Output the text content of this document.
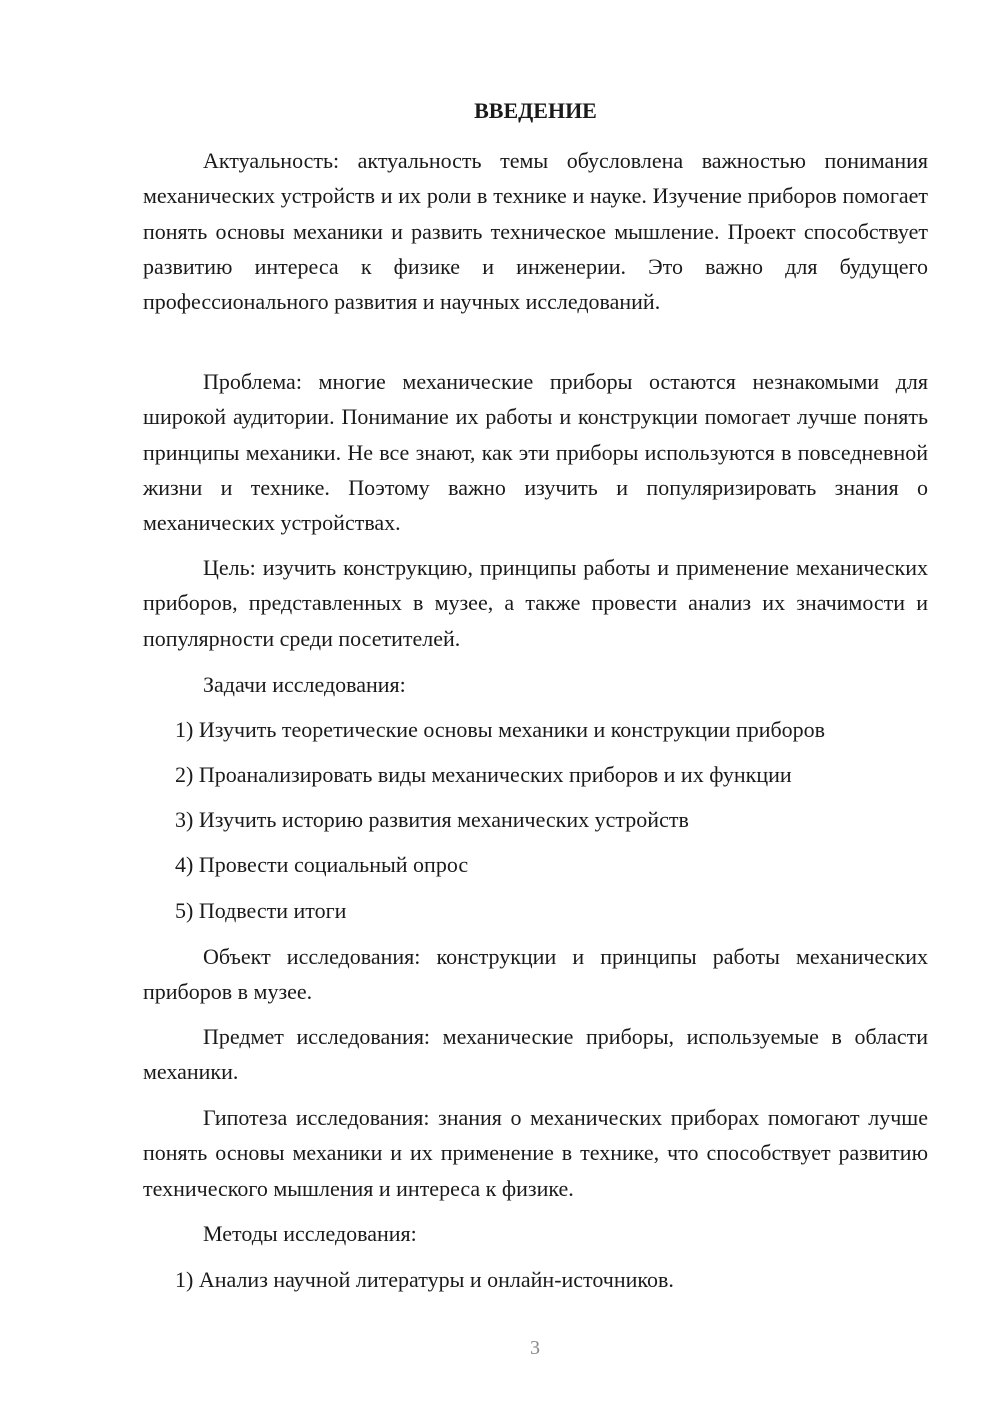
ВВЕДЕНИЕ

Актуальность: актуальность темы обусловлена важностью понимания механических устройств и их роли в технике и науке. Изучение приборов помогает понять основы механики и развить техническое мышление. Проект способствует развитию интереса к физике и инженерии. Это важно для будущего профессионального развития и научных исследований.

Проблема: многие механические приборы остаются незнакомыми для широкой аудитории. Понимание их работы и конструкции помогает лучше понять принципы механики. Не все знают, как эти приборы используются в повседневной жизни и технике. Поэтому важно изучить и популяризировать знания о механических устройствах.

Цель: изучить конструкцию, принципы работы и применение механических приборов, представленных в музее, а также провести анализ их значимости и популярности среди посетителей.

Задачи исследования:

1) Изучить теоретические основы механики и конструкции приборов

2) Проанализировать виды механических приборов и их функции

3) Изучить историю развития механических устройств

4) Провести социальный опрос

5) Подвести итоги

Объект исследования: конструкции и принципы работы механических приборов в музее.

Предмет исследования: механические приборы, используемые в области механики.

Гипотеза исследования: знания о механических приборах помогают лучше понять основы механики и их применение в технике, что способствует развитию технического мышления и интереса к физике.

Методы исследования:

1) Анализ научной литературы и онлайн-источников.

3
